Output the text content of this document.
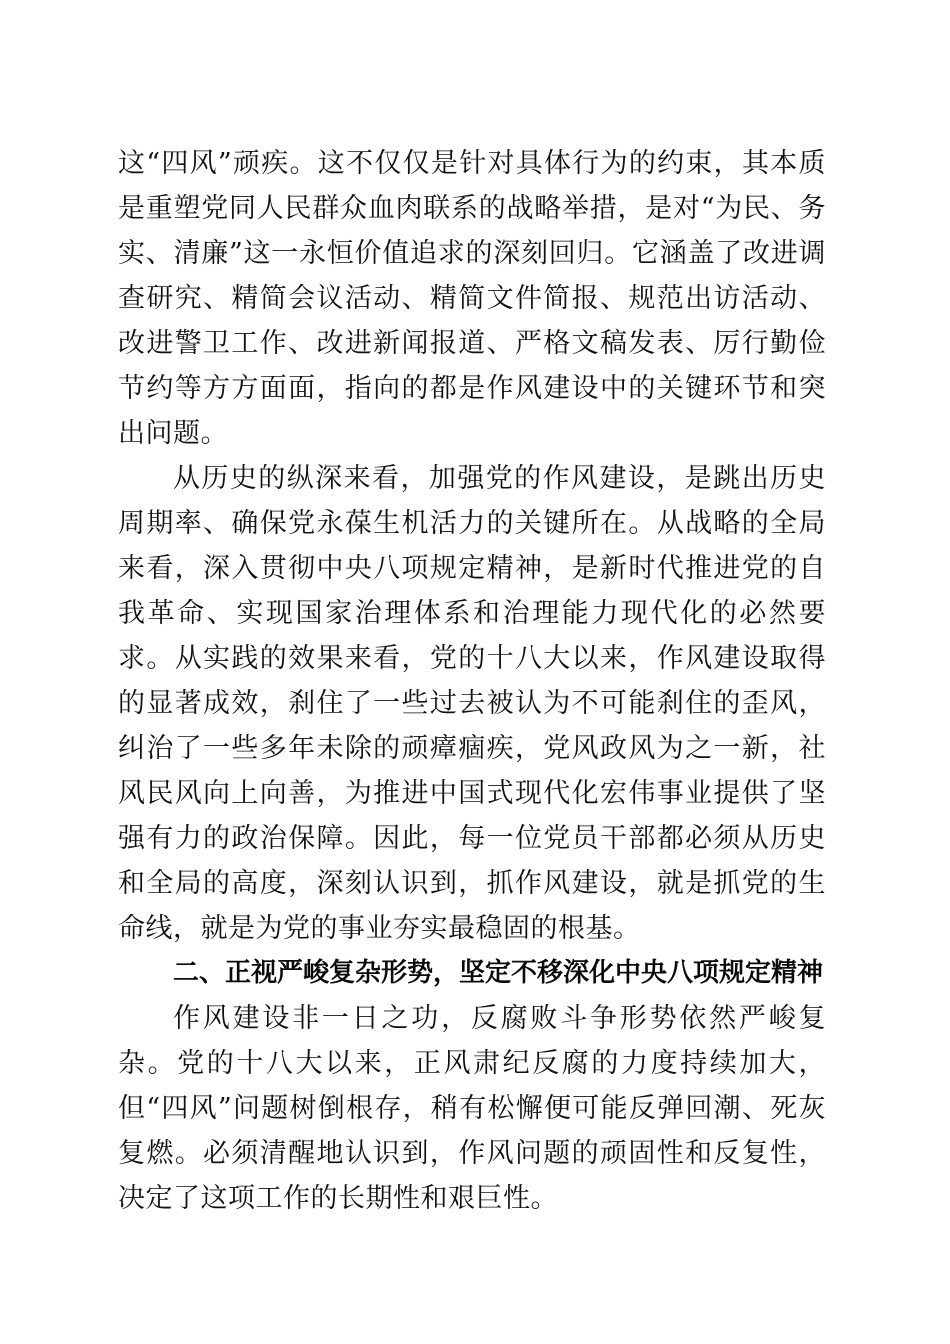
这“四风”顽疾。这不仅仅是针对具体行为的约束，其本质是重塑党同人民群众血肉联系的战略举措，是对“为民、务实、清廉”这一永恒价值追求的深刻回归。它涵盖了改进调查研究、精简会议活动、精简文件简报、规范出访活动、改进警卫工作、改进新闻报道、严格文稿发表、厉行勤俭节约等方方面面，指向的都是作风建设中的关键环节和突出问题。

从历史的纵深来看，加强党的作风建设，是跳出历史周期率、确保党永葆生机活力的关键所在。从战略的全局来看，深入贯彻中央八项规定精神，是新时代推进党的自我革命、实现国家治理体系和治理能力现代化的必然要求。从实践的效果来看，党的十八大以来，作风建设取得的显著成效，刹住了一些过去被认为不可能刹住的歪风，纠治了一些多年未除的顽瘴痼疾，党风政风为之一新，社风民风向上向善，为推进中国式现代化宏伟事业提供了坚强有力的政治保障。因此，每一位党员干部都必须从历史和全局的高度，深刻认识到，抓作风建设，就是抓党的生命线，就是为党的事业夯实最稳固的根基。

二、正视严峻复杂形势，坚定不移深化中央八项规定精神

作风建设非一日之功，反腐败斗争形势依然严峻复杂。党的十八大以来，正风肃纪反腐的力度持续加大，但“四风”问题树倒根存，稍有松懈便可能反弹回潮、死灰复燃。必须清醒地认识到，作风问题的顽固性和反复性，决定了这项工作的长期性和艰巨性。
